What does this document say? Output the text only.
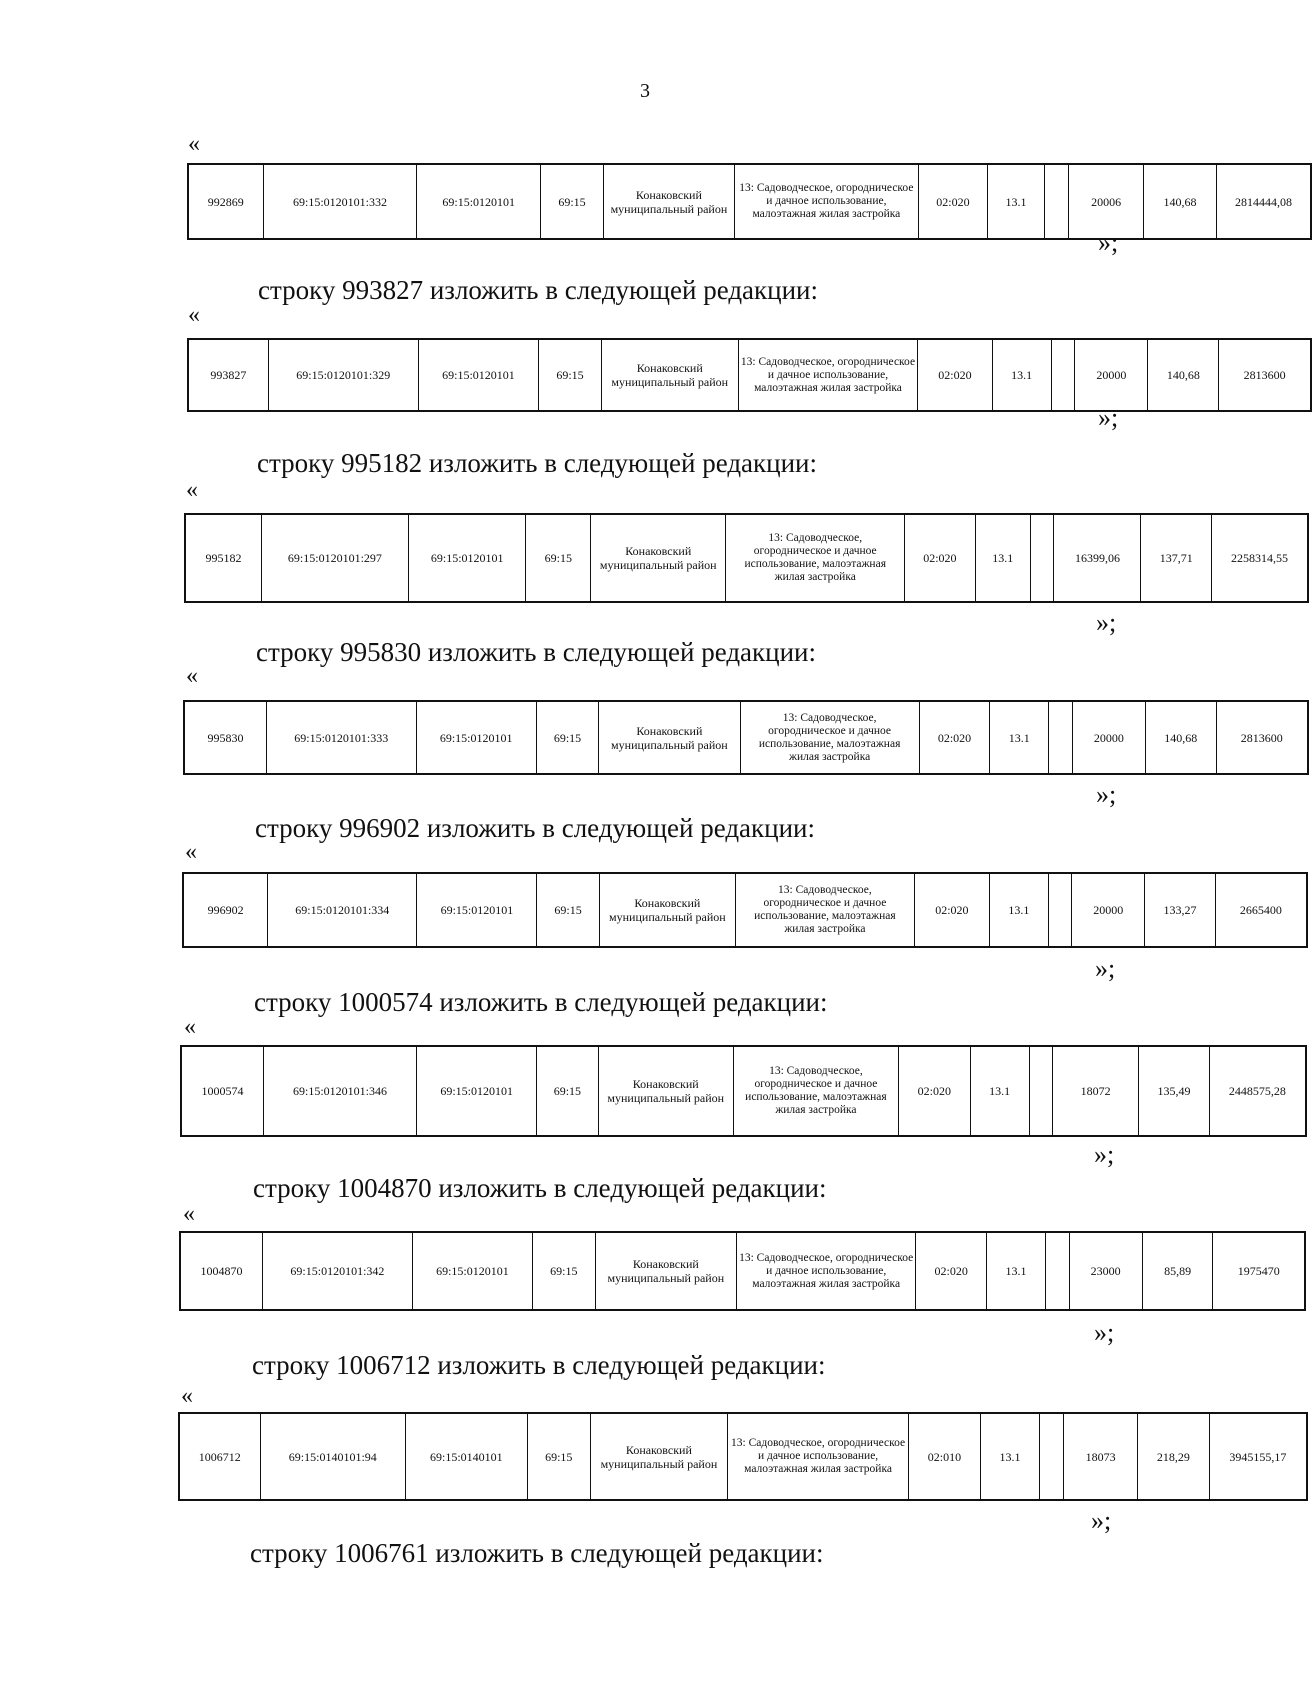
3
«
992869	69:15:0120101:332	69:15:0120101	69:15	Конаковский муниципальный район	13: Садоводческое, огородническое и дачное использование, малоэтажная жилая застройка	02:020	13.1		20006	140,68	2814444,08
»;
строку 993827 изложить в следующей редакции:
«
993827	69:15:0120101:329	69:15:0120101	69:15	Конаковский муниципальный район	13: Садоводческое, огородническое и дачное использование, малоэтажная жилая застройка	02:020	13.1		20000	140,68	2813600
»;
строку 995182 изложить в следующей редакции:
«
995182	69:15:0120101:297	69:15:0120101	69:15	Конаковский муниципальный район	13: Садоводческое, огородническое и дачное использование, малоэтажная жилая застройка	02:020	13.1		16399,06	137,71	2258314,55
»;
строку 995830 изложить в следующей редакции:
«
995830	69:15:0120101:333	69:15:0120101	69:15	Конаковский муниципальный район	13: Садоводческое, огородническое и дачное использование, малоэтажная жилая застройка	02:020	13.1		20000	140,68	2813600
»;
строку 996902 изложить в следующей редакции:
«
996902	69:15:0120101:334	69:15:0120101	69:15	Конаковский муниципальный район	13: Садоводческое, огородническое и дачное использование, малоэтажная жилая застройка	02:020	13.1		20000	133,27	2665400
»;
строку 1000574 изложить в следующей редакции:
«
1000574	69:15:0120101:346	69:15:0120101	69:15	Конаковский муниципальный район	13: Садоводческое, огородническое и дачное использование, малоэтажная жилая застройка	02:020	13.1		18072	135,49	2448575,28
»;
строку 1004870 изложить в следующей редакции:
«
1004870	69:15:0120101:342	69:15:0120101	69:15	Конаковский муниципальный район	13: Садоводческое, огородническое и дачное использование, малоэтажная жилая застройка	02:020	13.1		23000	85,89	1975470
»;
строку 1006712 изложить в следующей редакции:
«
1006712	69:15:0140101:94	69:15:0140101	69:15	Конаковский муниципальный район	13: Садоводческое, огородническое и дачное использование, малоэтажная жилая застройка	02:010	13.1		18073	218,29	3945155,17
»;
строку 1006761 изложить в следующей редакции:
